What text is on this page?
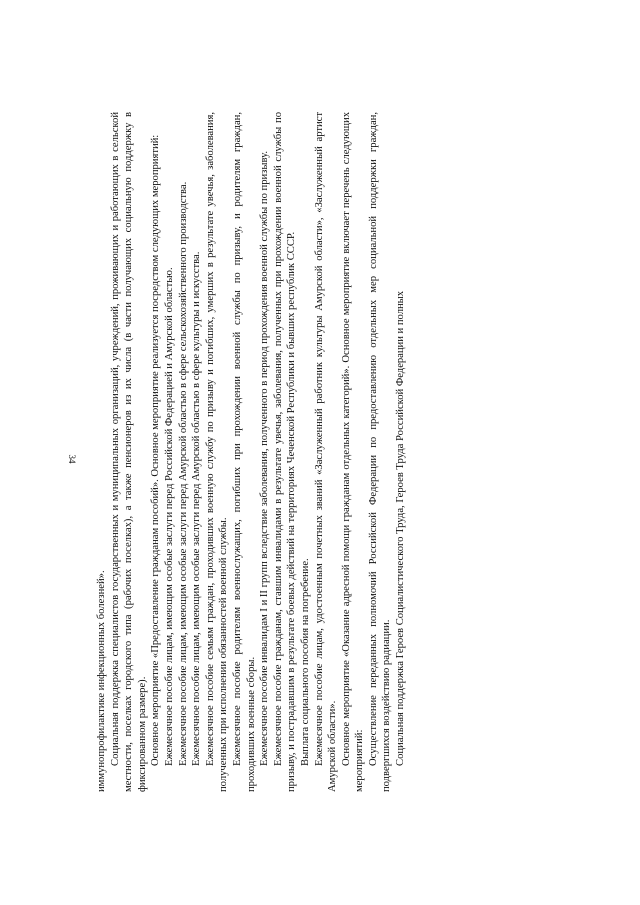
34

иммунопрофилактике инфекционных болезней». Социальная поддержка специалистов государственных и муниципальных организаций, учреждений, проживающих и работающих в сельской местности, поселках городского типа (рабочих поселках), а также пенсионеров из их числа (в части получающих социальную поддержку в фиксированном размере). Основное мероприятие «Предоставление гражданам пособий». Основное мероприятие реализуется посредством следующих мероприятий: Ежемесячное пособие лицам, имеющим особые заслуги перед Российской Федерацией и Амурской областью. Ежемесячное пособие лицам, имеющим особые заслуги перед Амурской областью в сфере сельскохозяйственного производства. Ежемесячное пособие лицам, имеющим особые заслуги перед Амурской областью в сфере культуры и искусства. Ежемесячное пособие семьям граждан, проходивших военную службу по призыву и погибших, умерших в результате увечья, заболевания, полученных при исполнении обязанностей военной службы. Ежемесячное пособие родителям военнослужащих, погибших при прохождении военной службы по призыву, и родителям граждан, проходивших военные сборы. Ежемесячное пособие инвалидам I и II групп вследствие заболевания, полученного в период прохождения военной службы по призыву. Ежемесячное пособие гражданам, ставшим инвалидами в результате увечья, заболевания, полученных при прохождении военной службы по призыву, и пострадавшим в результате боевых действий на территориях Чеченской Республики и бывших республик СССР. Выплата социального пособия на погребение. Ежемесячное пособие лицам, удостоенным почетных званий «Заслуженный работник культуры Амурской области», «Заслуженный артист Амурской области». Основное мероприятие «Оказание адресной помощи гражданам отдельных категорий». Основное мероприятие включает перечень следующих мероприятий: Осуществление переданных полномочий Российской Федерации по предоставлению отдельных мер социальной поддержки граждан, подвергшихся воздействию радиации. Социальная поддержка Героев Социалистического Труда, Героев Труда Российской Федерации и полных
